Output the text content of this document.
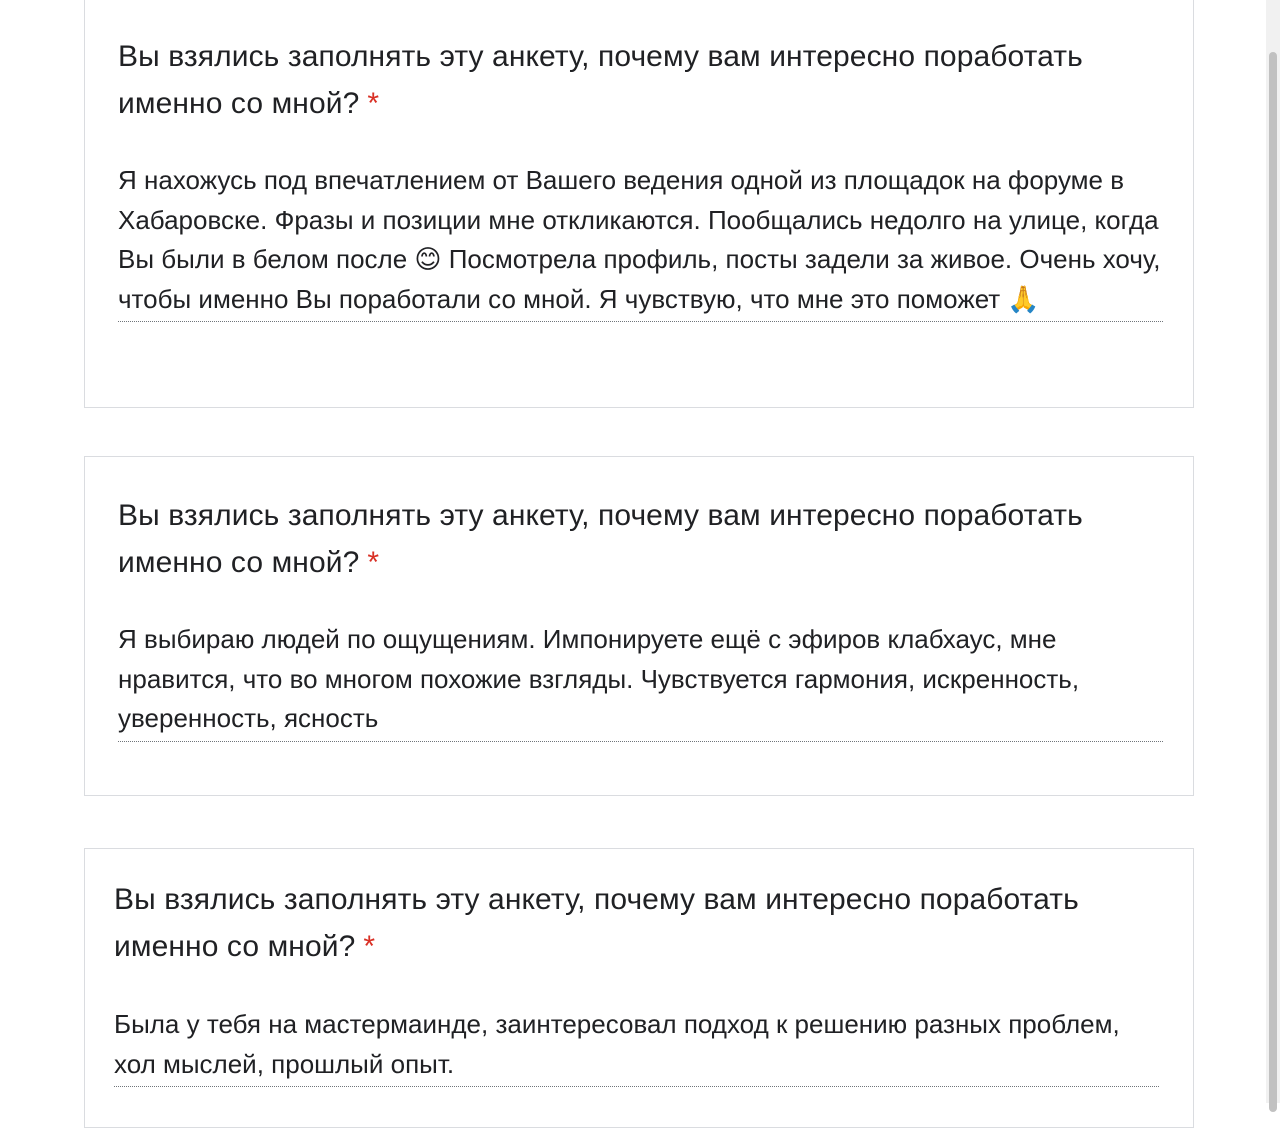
Вы взялись заполнять эту анкету, почему вам интересно поработать именно со мной? *
Я нахожусь под впечатлением от Вашего ведения одной из площадок на форуме в Хабаровске. Фразы и позиции мне откликаются. Пообщались недолго на улице, когда Вы были в белом после 😊 Посмотрела профиль, посты задели за живое. Очень хочу, чтобы именно Вы поработали со мной. Я чувствую, что мне это поможет 🙏
Вы взялись заполнять эту анкету, почему вам интересно поработать именно со мной? *
Я выбираю людей по ощущениям. Импонируете ещё с эфиров клабхаус, мне нравится, что во многом похожие взгляды. Чувствуется гармония, искренность, уверенность, ясность
Вы взялись заполнять эту анкету, почему вам интересно поработать именно со мной? *
Была у тебя на мастермаинде, заинтересовал подход к решению разных проблем, хол мыслей, прошлый опыт.
